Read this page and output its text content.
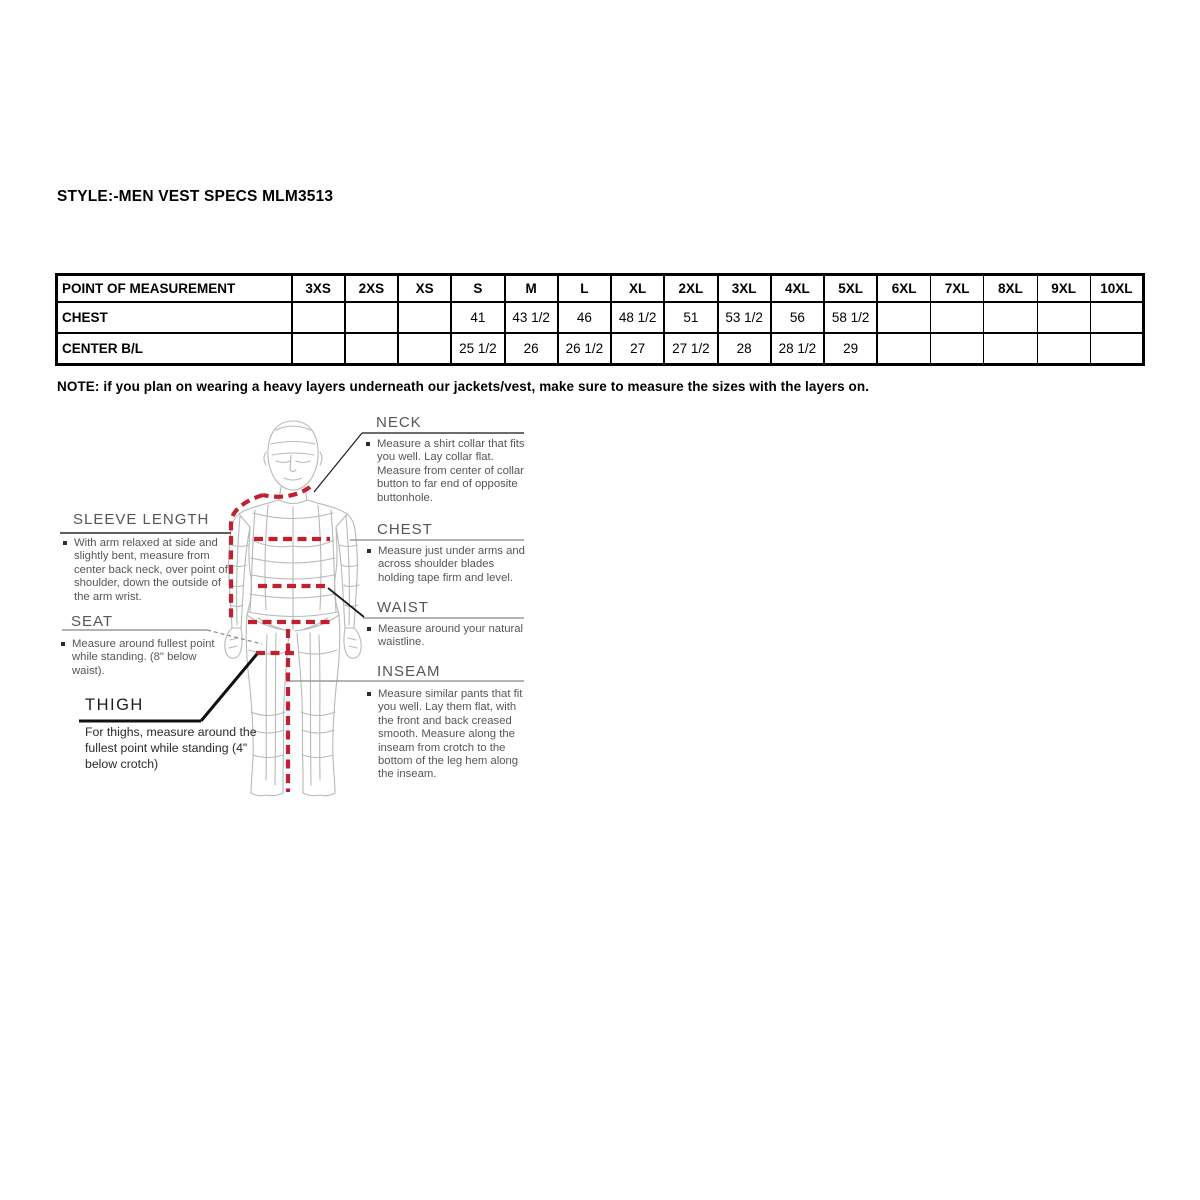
STYLE:-MEN VEST SPECS MLM3513
POINT OF MEASUREMENT	3XS	2XS	XS	S	M	L	XL	2XL	3XL	4XL	5XL	6XL	7XL	8XL	9XL	10XL
CHEST				41	43 1/2	46	48 1/2	51	53 1/2	56	58 1/2					
CENTER B/L				25 1/2	26	26 1/2	27	27 1/2	28	28 1/2	29					
NOTE: if you plan on wearing a heavy layers underneath our jackets/vest, make sure to measure the sizes with the layers on.
NECK
Measure a shirt collar that fits you well. Lay collar flat. Measure from center of collar button to far end of opposite buttonhole.
CHEST
Measure just under arms and across shoulder blades holding tape firm and level.
WAIST
Measure around your natural waistline.
INSEAM
Measure similar pants that fit you well. Lay them flat, with the front and back creased smooth. Measure along the inseam from crotch to the bottom of the leg hem along the inseam.
SLEEVE LENGTH
With arm relaxed at side and slightly bent, measure from center back neck, over point of shoulder, down the outside of the arm wrist.
SEAT
Measure around fullest point while standing. (8" below waist).
THIGH
For thighs, measure around the fullest point while standing (4" below crotch)
